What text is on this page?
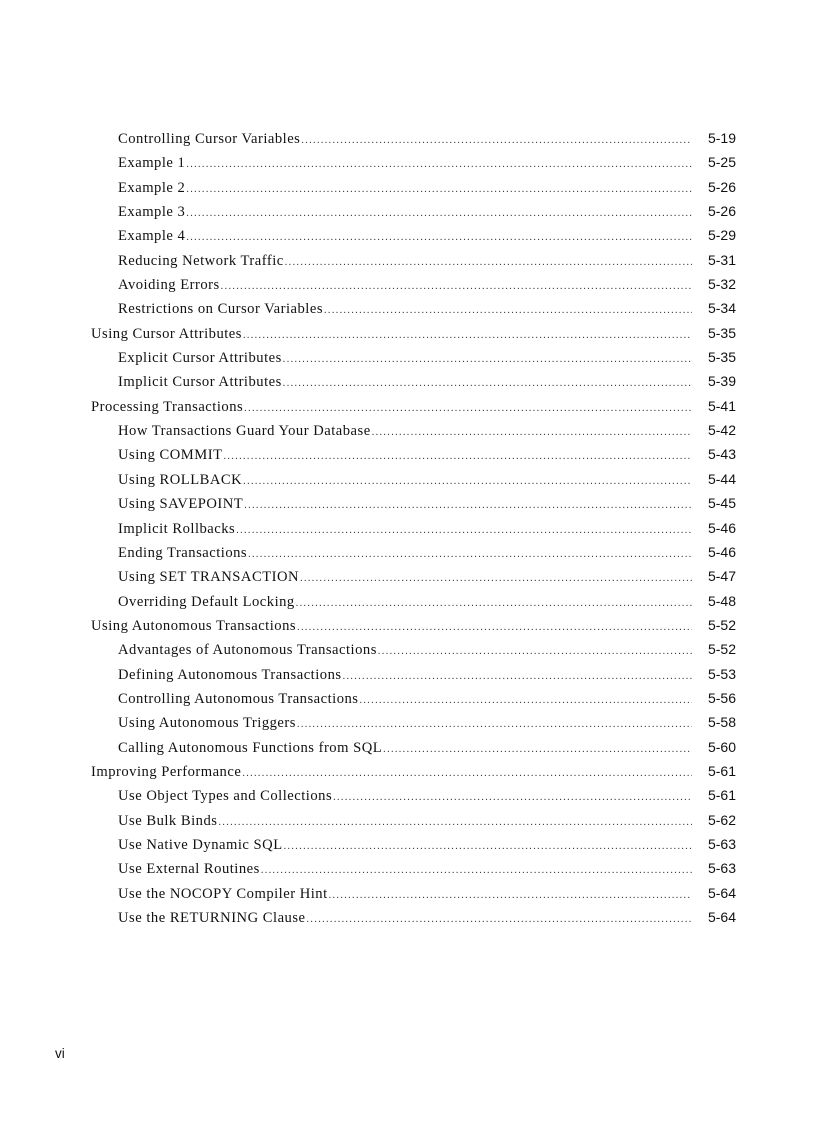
Controlling Cursor Variables .....	5-19
Example 1 .....	5-25
Example 2 .....	5-26
Example 3 .....	5-26
Example 4 .....	5-29
Reducing Network Traffic .....	5-31
Avoiding Errors .....	5-32
Restrictions on Cursor Variables .....	5-34
Using Cursor Attributes .....	5-35
Explicit Cursor Attributes .....	5-35
Implicit Cursor Attributes .....	5-39
Processing Transactions .....	5-41
How Transactions Guard Your Database .....	5-42
Using COMMIT .....	5-43
Using ROLLBACK .....	5-44
Using SAVEPOINT .....	5-45
Implicit Rollbacks .....	5-46
Ending Transactions .....	5-46
Using SET TRANSACTION .....	5-47
Overriding Default Locking .....	5-48
Using Autonomous Transactions .....	5-52
Advantages of Autonomous Transactions .....	5-52
Defining Autonomous Transactions .....	5-53
Controlling Autonomous Transactions .....	5-56
Using Autonomous Triggers .....	5-58
Calling Autonomous Functions from SQL .....	5-60
Improving Performance .....	5-61
Use Object Types and Collections .....	5-61
Use Bulk Binds .....	5-62
Use Native Dynamic SQL .....	5-63
Use External Routines .....	5-63
Use the NOCOPY Compiler Hint .....	5-64
Use the RETURNING Clause .....	5-64
vi
